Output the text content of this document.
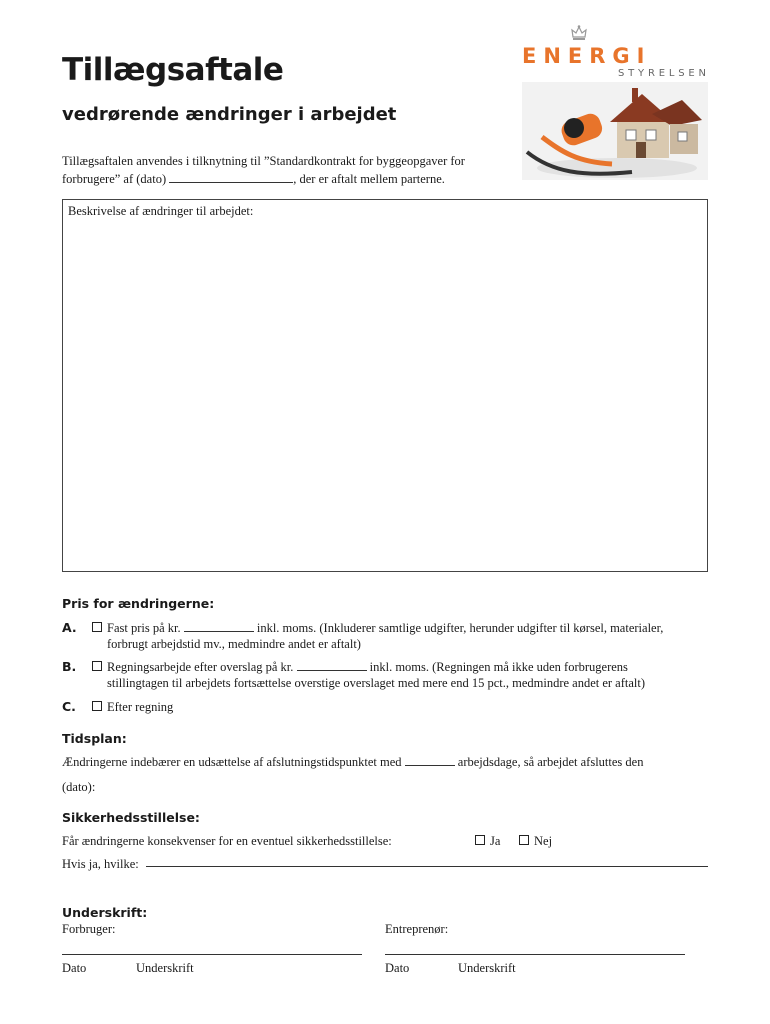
Tillægsaftale
vedrørende ændringer i arbejdet
ENERGI
STYRELSEN
Tillægsaftalen anvendes i tilknytning til ”Standardkontrakt for byggeopgaver for forbrugere” af (dato)	, der er aftalt mellem parterne.
Beskrivelse af ændringer til arbejdet:
Pris for ændringerne:
A.	Fast pris på kr.	inkl. moms. (Inkluderer samtlige udgifter, herunder udgifter til kørsel, materialer,
forbrugt arbejdstid mv., medmindre andet er aftalt)
B.	Regningsarbejde efter overslag på kr.	inkl. moms. (Regningen må ikke uden forbrugerens
stillingtagen til arbejdets fortsættelse overstige overslaget med mere end 15 pct., medmindre andet er aftalt)
C.	Efter regning
Tidsplan:
Ændringerne indebærer en udsættelse af afslutningstidspunktet med	arbejdsdage, så arbejdet afsluttes den
(dato):
Sikkerhedsstillelse:
Får ændringerne konsekvenser for en eventuel sikkerhedsstillelse:	Ja	Nej
Hvis ja, hvilke:
Underskrift:
Forbruger:	Entreprenør:
Dato	Underskrift	Dato	Underskrift
